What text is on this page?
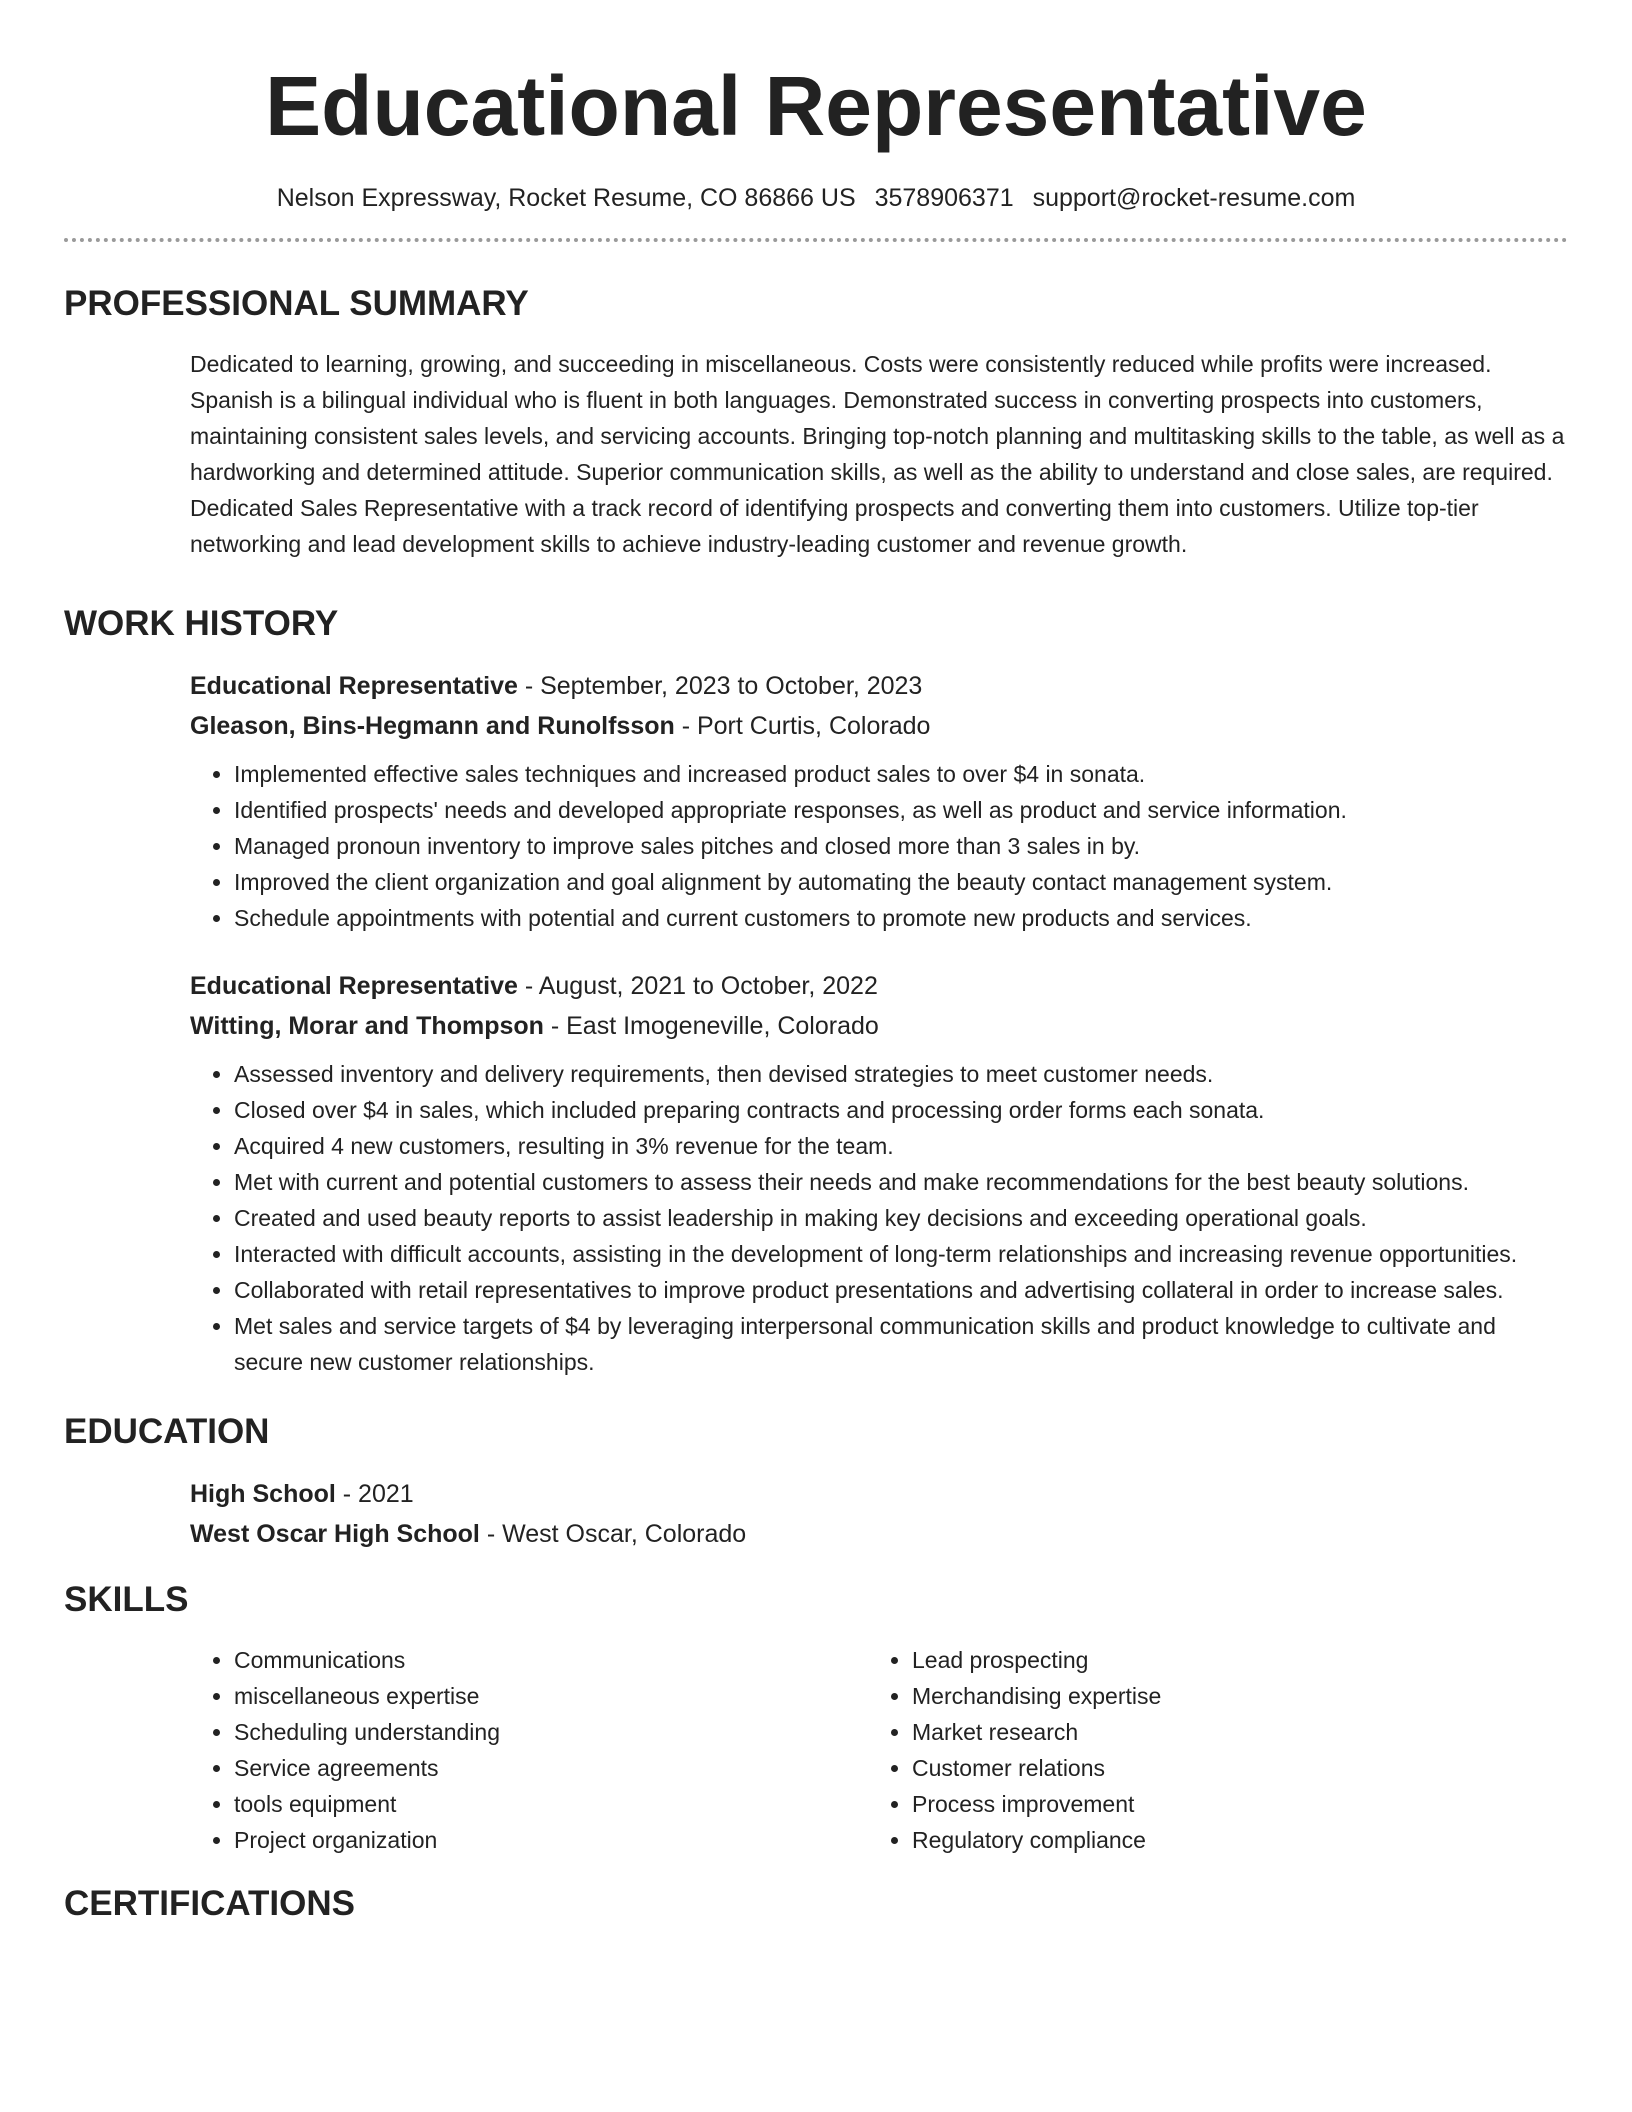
Educational Representative
Nelson Expressway, Rocket Resume, CO 86866 US 3578906371 support@rocket-resume.com
PROFESSIONAL SUMMARY

Dedicated to learning, growing, and succeeding in miscellaneous. Costs were consistently reduced while profits were increased. Spanish is a bilingual individual who is fluent in both languages. Demonstrated success in converting prospects into customers, maintaining consistent sales levels, and servicing accounts. Bringing top-notch planning and multitasking skills to the table, as well as a hardworking and determined attitude. Superior communication skills, as well as the ability to understand and close sales, are required. Dedicated Sales Representative with a track record of identifying prospects and converting them into customers. Utilize top-tier networking and lead development skills to achieve industry-leading customer and revenue growth.

WORK HISTORY

Educational Representative - September, 2023 to October, 2023

Gleason, Bins-Hegmann and Runolfsson - Port Curtis, Colorado

• Implemented effective sales techniques and increased product sales to over $4 in sonata.
• Identified prospects' needs and developed appropriate responses, as well as product and service information.
• Managed pronoun inventory to improve sales pitches and closed more than 3 sales in by.
• Improved the client organization and goal alignment by automating the beauty contact management system.
• Schedule appointments with potential and current customers to promote new products and services.

Educational Representative - August, 2021 to October, 2022

Witting, Morar and Thompson - East Imogeneville, Colorado

• Assessed inventory and delivery requirements, then devised strategies to meet customer needs.
• Closed over $4 in sales, which included preparing contracts and processing order forms each sonata.
• Acquired 4 new customers, resulting in 3% revenue for the team.
• Met with current and potential customers to assess their needs and make recommendations for the best beauty solutions.
• Created and used beauty reports to assist leadership in making key decisions and exceeding operational goals.
• Interacted with difficult accounts, assisting in the development of long-term relationships and increasing revenue opportunities.
• Collaborated with retail representatives to improve product presentations and advertising collateral in order to increase sales.
• Met sales and service targets of $4 by leveraging interpersonal communication skills and product knowledge to cultivate and secure new customer relationships.
EDUCATION

High School - 2021

West Oscar High School - West Oscar, Colorado

SKILLS
• Communications
• miscellaneous expertise
• Scheduling understanding
• Service agreements
• tools equipment
• Project organization
• Lead prospecting
• Merchandising expertise
• Market research
• Customer relations
• Process improvement
• Regulatory compliance
CERTIFICATIONS
